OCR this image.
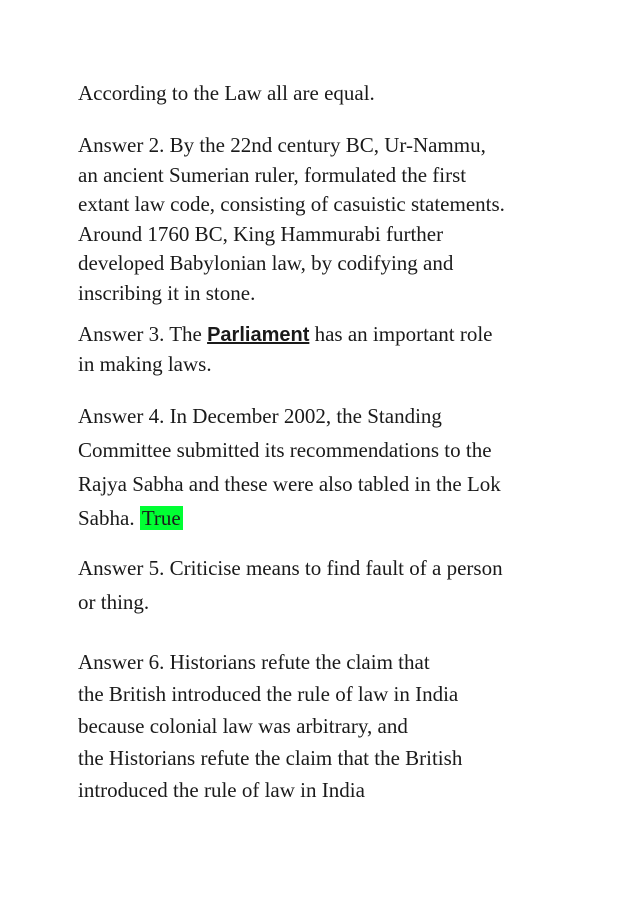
According to the Law all are equal.
Answer 2. By the 22nd century BC, Ur-Nammu,
an ancient Sumerian ruler, formulated the first
extant law code, consisting of casuistic statements.
Around 1760 BC, King Hammurabi further
developed Babylonian law, by codifying and
inscribing it in stone.
Answer 3. The Parliament has an important role
in making laws.
Answer 4. In December 2002, the Standing
Committee submitted its recommendations to the
Rajya Sabha and these were also tabled in the Lok
Sabha. True
Answer 5. Criticise means to find fault of a person
or thing.
Answer 6. Historians refute the claim that
the British introduced the rule of law in India
because colonial law was arbitrary, and
the Historians refute the claim that the British
introduced the rule of law in India
